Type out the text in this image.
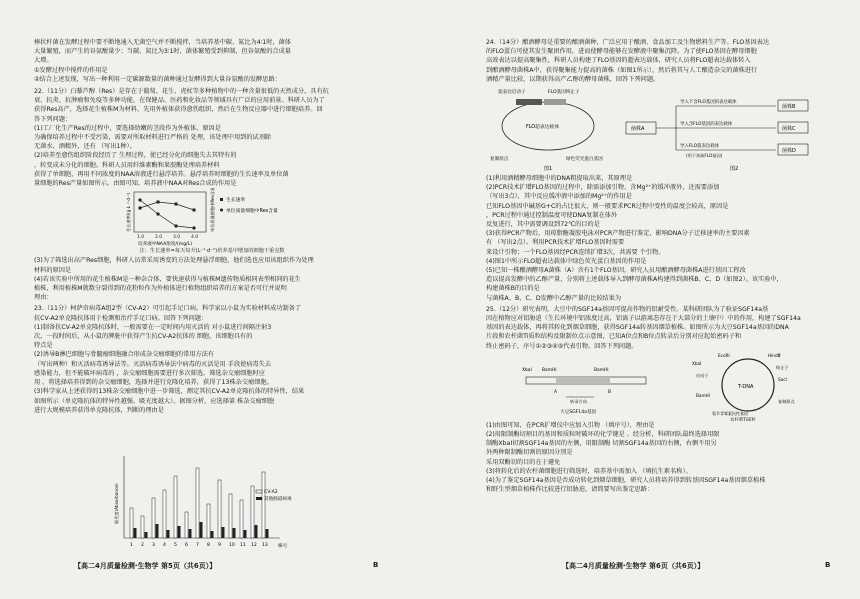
棒状杆菌在发酵过程中要不断地通入无菌空气并不断搅拌，当培养基中碳、氮比为4∶1时，菌体

大量繁殖，而产生的谷氨酸量少；当碳、氮比为3∶1时，菌体繁殖受到抑制，但谷氨酸的合成量

大增。

①发酵过程中搅拌的作用是

②结合上述发现，写出一种利用一定碳源数量的菌种通过发酵得到大量谷氨酸的发酵思路：

22.（11分）白藜芦醇（Res）是存在于葡萄、花生、虎杖等多种植物中的一种含量很低的天然成分，具有抗

衰、抗炎、抗肿瘤和免疫等多种功能，在保健品、医药和化妆品等领域具有广泛的应用前景。科研人员为了

获得Res高产，选择花生植株M为材料，先用外植体获得愈伤组织，然后在生物反应器中进行细胞培养。回

答下列问题：

(1)工厂化生产Res的过程中，要选择幼嫩的茎段作为外植体，原因是

为确保培养过程中不受污染，需要对所取材料进行严格的 处理，该处理中用到的试剂除

无菌水、酒精外，还有 （写出1种）。

(2)培养至愈伤组织阶段经历了 生理过程，使已经分化的细胞失去其特有的

，转变成未分化的细胞。科研人员用纤维素酶和果胶酶处理培养材料

获得了单细胞，再用不同浓度的NAA溶液进行悬浮培养。悬浮培养时细胞的生长速率及单位菌

量细胞的Res产量如图所示。由图可知，培养液中NAA对Res合成的作用是

1.0 2.0 3.0 4.0
培养液中NAA浓度/(mg/L)
生长速率/(g·L⁻¹·d⁻¹)	单位质量细胞中Res含量 生长速率
单位质量细胞中Res含量

注：生长速率=每天每升(L⁻¹·d⁻¹)培养基中增加的细胞干重克数

(3)为了筛选出高产Res细胞，科研人员常采用诱变的方法处理悬浮细胞，他们选也应用该组织作为处理

材料的原因是

(4)若该实验中所用的花生植株M是一种杂合体，要快速获得与植株M遗传物质相同表型相同的花生

植株，利用植株M就数分裂得到的花粉粒作为外植体进行植物组织培养的方案是否可行并说明

理由：

23.（11分）柯萨奇病毒A组2型（CV-A2）可引起手足口病。科学家以小鼠为实验材料成功制备了

抗CV-A2单克隆抗体用于检测和治疗手足口病。回答下列问题：

(1)制备抗CV-A2单克隆抗体时，一般需要在一定时间内用灭活的 对小鼠进行间隔注射3

次，一段时间后，从小鼠的脾脏中获得产生抗CV-A2抗体的 细胞，该细胞具有的

特点是

(2)诱导B淋巴细胞与骨髓瘤细胞融合形成杂交瘤细胞的常用方法有

（写出两种）和灭活病毒诱导法等。灭活病毒诱导法中病毒的灭活是用 手段使病毒失去

感染能力，但不能破坏病毒的 ，杂交瘤细胞需要进行多次筛选，筛选杂交瘤细胞时应

用 ，将选择培养得到的杂交瘤细胞，选择并进行克隆化培养，获得了13株杂交瘤细胞。

(3)科学家从上述获得的13株杂交瘤细胞中进一步筛选，测定其抗CV-A2单克隆抗体的特异性，结果

如图所示（单克隆抗体的特异性越强，吸光度越大）。据图分析，应选择第 株杂交瘤细胞

进行大规模培养获得单克隆抗体，判断的理由是

吸光度(Absorbance)
1 2 3 4 5 6 7 8 9 10 11 12 13 株号
CV-A2
其他肠道病毒
【高二4月质量检测·生物学 第5页（共6页）】	B

24.（14分）酿酒酵母是重要的酿酒菌种，广泛应用于酿酒、食品加工及生物燃料生产等。FLO基因表达

的FLO蛋白可使其发生聚团作用，进而使酵母能够在发酵液中聚集沉降。为了使FLO基因在酵母细胞

高效表达以提高聚集性，科研人员构建了FLO基因的超表达载体，研究人员将FLO超表达载体转入

到酿酒酵母菌株A中，获得聚集能力提高的菌株（如图1所示），然后将其与人工酿造杂交的菌株进行

酒精产量比较，以期获得高产乙醇的酵母菌株，回答下列问题。

超表达启动子	FLO基因终止子
FLO超表达载体
复制原点	绿色荧光蛋白基因
图1
菌株A
导入不含FLO基因的表达载体
导入含FLO基因的表达载体
导入FLO超表达载体
(用于获取FLO基因)
菌株B
菌株C
菌株D
图2

(1)利用酒精酵母细胞中的DNA粗提取出来，其原理是

(2)PCR技术扩增FLO基因的过程中，除需添加引物、含Mg²⁺的缓冲液外，还需要添加

（写出3点），其中反应缓冲液中添加的Mg²⁺的作用是

已知FLO基因中碱基G+C的占比很大，则一般要求PCR过程中变性的温度会较高，原因是

，PCR过程中通过控制温度可使DNA复制在体外

反复进行，其中需要调设到72℃的目的是

(3)获得PCR产物后，用琼脂糖凝胶电泳对PCR产物进行鉴定，影响DNA分子迁移速率的主要因素

有 （写出2点）。利用PCR技术扩增FLO基因时需要

来设计引物；一个FLO基因经PCR连续扩增3次，共需要 个引物。

(4)图1中所示FLO超表达载体中绿色荧光蛋白基因的作用是

(5)已知一株酿酒酵母A菌株（A）含有1个FLO基因，研究人员用酿酒酵母菌株A进行基因工程改

造以提高发酵中的乙醇产量，分别将上述载体导入到酵母菌株A构建得到菌株B、C、D（如图2）。该实验中，

构建菌株B的目的是

与菌株A、B、C、D发酵中乙醇产量的比较结果为

25.（12分）研究表明，大豆中的SGF14a基因可提高作物的铝耐受性。某科研团队为了验证SGF14a基

因在植物应对铝胁迫（生长环境中铝浓度过高，铝离子以游离态存在于大部分的土壤中）中的作用，构建了SGF14a

基因的表达载体，再将其转化到烟草细胞，获得SGF14a转基因烟草植株。如图所示为大豆SGF14a基因的DNA

片段和农杆菌Ti质粒结构及限制位点示意图，已知A位点和B位点转录后分别对应起始密码子和

终止密码子，序号①②③④⑤代表引物。回答下列问题。

XbaⅠ BamHⅠ	BamHⅠ
A	B
转录方向
大豆SGF14a基因
T-DNA
XbaⅠ
EcoRⅠ	HindⅢ
SacⅠ
启动子
终止子
BamHⅠ
复制原点
氨苄青霉素抗性基因
农杆菌Ti质粒

(1)由图可知，在PCR扩增仪中应加入引物 （填序号），理由是

(2)用限制酶切割目的基因和质粒时破坏的化学键是 。经分析，科研团队最终选择用限

制酶XbaⅠ切割SGF14a基因的左侧，用限制酶 切割SGF14a基因的右侧，右侧不用另

外两种限制酶切割的原因分别是

采用双酶切的目的在于避免

(3)将转化后的农杆菌细胞进行筛选时，培养基中需加入 （填抗生素名称）。

(4)为了鉴定SGF14a基因是否成功转化到烟草细胞，研究人员将培养得到转基因SGF14a基因烟草植株

和野生型烟草植株作比较进行铝胁迫，请简要写出鉴定思路：

【高二4月质量检测·生物学 第6页（共6页）】	B
